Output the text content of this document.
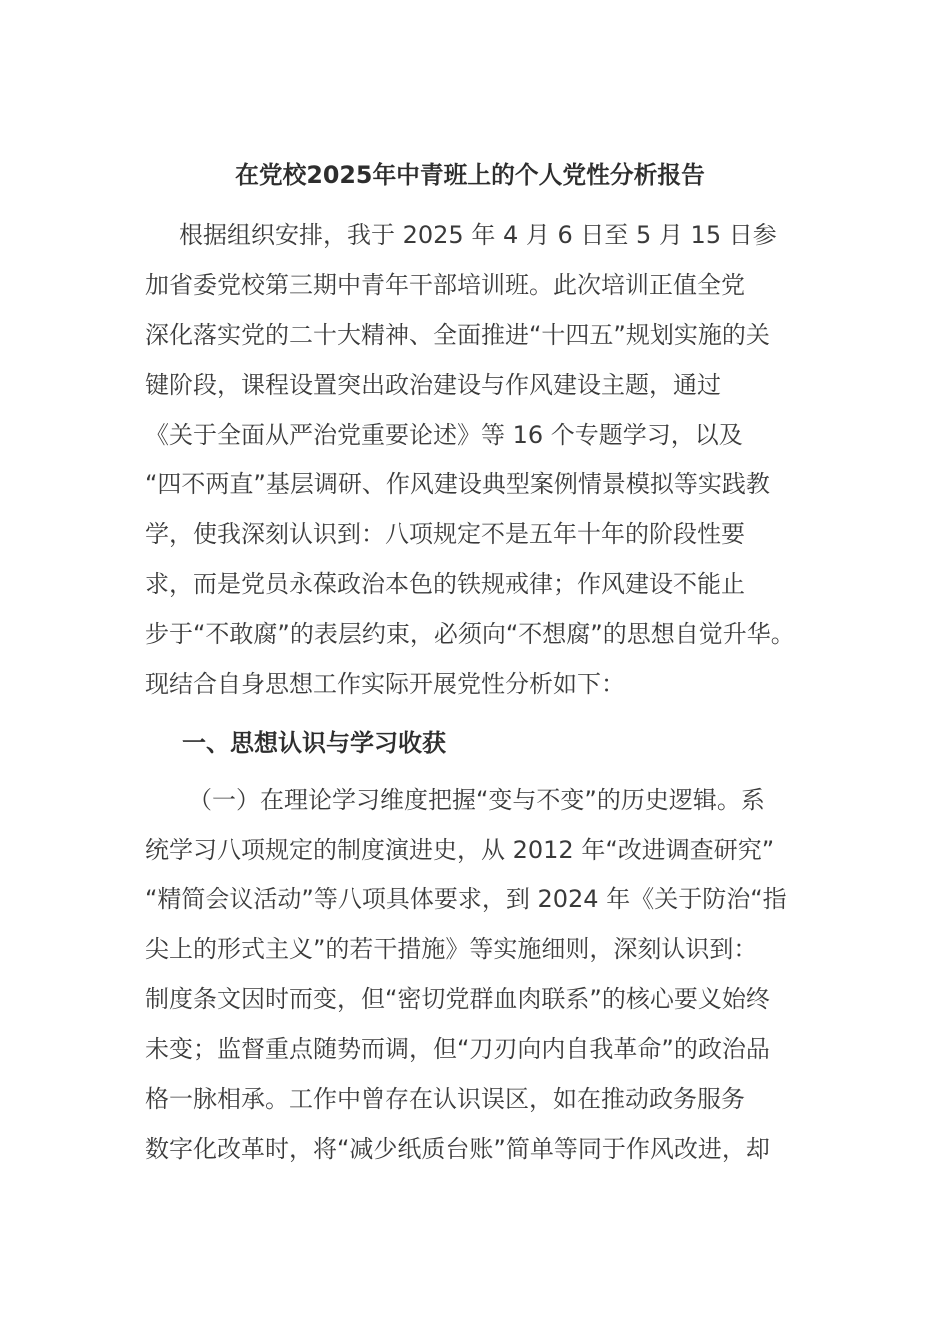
在党校2025年中青班上的个人党性分析报告
根据组织安排，我于 2025 年 4 月 6 日至 5 月 15 日参
加省委党校第三期中青年干部培训班。此次培训正值全党
深化落实党的二十大精神、全面推进“十四五”规划实施的关
键阶段，课程设置突出政治建设与作风建设主题，通过
《关于全面从严治党重要论述》等 16 个专题学习，以及
“四不两直”基层调研、作风建设典型案例情景模拟等实践教
学，使我深刻认识到：八项规定不是五年十年的阶段性要
求，而是党员永葆政治本色的铁规戒律；作风建设不能止
步于“不敢腐”的表层约束，必须向“不想腐”的思想自觉升华。
现结合自身思想工作实际开展党性分析如下：
一、思想认识与学习收获
（一）在理论学习维度把握“变与不变”的历史逻辑。系
统学习八项规定的制度演进史，从 2012 年“改进调查研究”
“精简会议活动”等八项具体要求，到 2024 年《关于防治“指
尖上的形式主义”的若干措施》等实施细则，深刻认识到：
制度条文因时而变，但“密切党群血肉联系”的核心要义始终
未变；监督重点随势而调，但“刀刃向内自我革命”的政治品
格一脉相承。工作中曾存在认识误区，如在推动政务服务
数字化改革时，将“减少纸质台账”简单等同于作风改进，却
